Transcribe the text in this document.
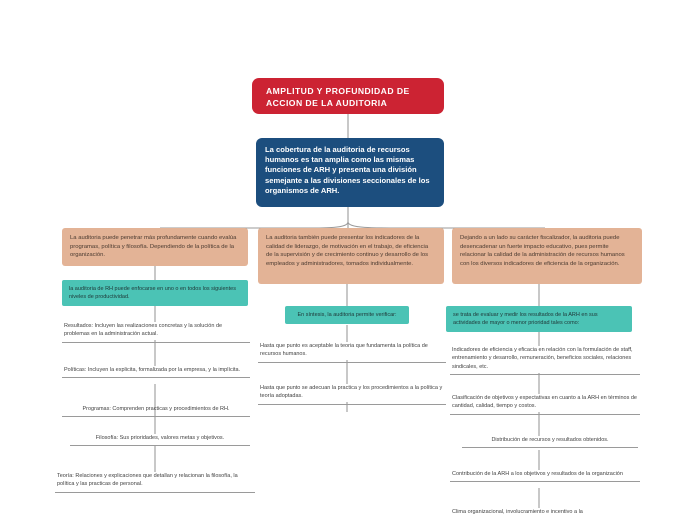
AMPLITUD Y PROFUNDIDAD DE ACCION DE LA AUDITORIA
La cobertura de la auditoria de recursos humanos es tan amplia como las mismas funciones de ARH y presenta una división semejante a las divisiones seccionales de los organismos de ARH.
La auditoria puede penetrar más profundamente cuando evalúa programas, política y filosofía. Dependiendo de la política de la organización.
la auditoria de RH puede enfocarse en uno o en todos los siguientes niveles de productividad.
Resultados: Incluyen las realizaciones concretas y la solución de problemas en la administración actual.
Políticas: Incluyen la explicita, formalizada por la empresa, y la implícita.
Programas: Comprenden practicas y procedimientos de RH.
Filosofía: Sus prioridades, valores metas y objetivos.
Teoría: Relaciones y explicaciones que detallan y relacionan la filosofía, la política y las practicas de personal.
La auditoria también puede presentar los indicadores de la calidad de liderazgo, de motivación en el trabajo, de eficiencia de la supervisión y de crecimiento continuo y desarrollo de los empleados y administradores, tomados individualmente.
En síntesis, la auditoria permite verificar:
Hasta que punto es aceptable la teoria que fundamenta la política de recursos humanos.
Hasta que punto se adecuan la practica y los procedimientos a la política y teoría adoptadas.
Dejando a un lado su carácter fiscalizador, la auditoria puede desencadenar un fuerte impacto educativo, pues permite relacionar la calidad de la administración de recursos humanos con los diversos indicadores de eficiencia de la organización.
se trata de evaluar y medir los resultados de la ARH en sus actividades de mayor o menor prioridad tales como:
Indicadores de eficiencia y eficacia en relación con la formulación de staff, entrenamiento y desarrollo, remuneración, beneficios sociales, relaciones sindicales, etc.
Clasificación de objetivos y expectativas en cuanto a la ARH en términos de cantidad, calidad, tiempo y costos.
Distribución de recursos y resultados obtenidos.
Contribución de la ARH a los objetivos y resultados de la organización
Clima organizacional, involucramiento e incentivo a la
